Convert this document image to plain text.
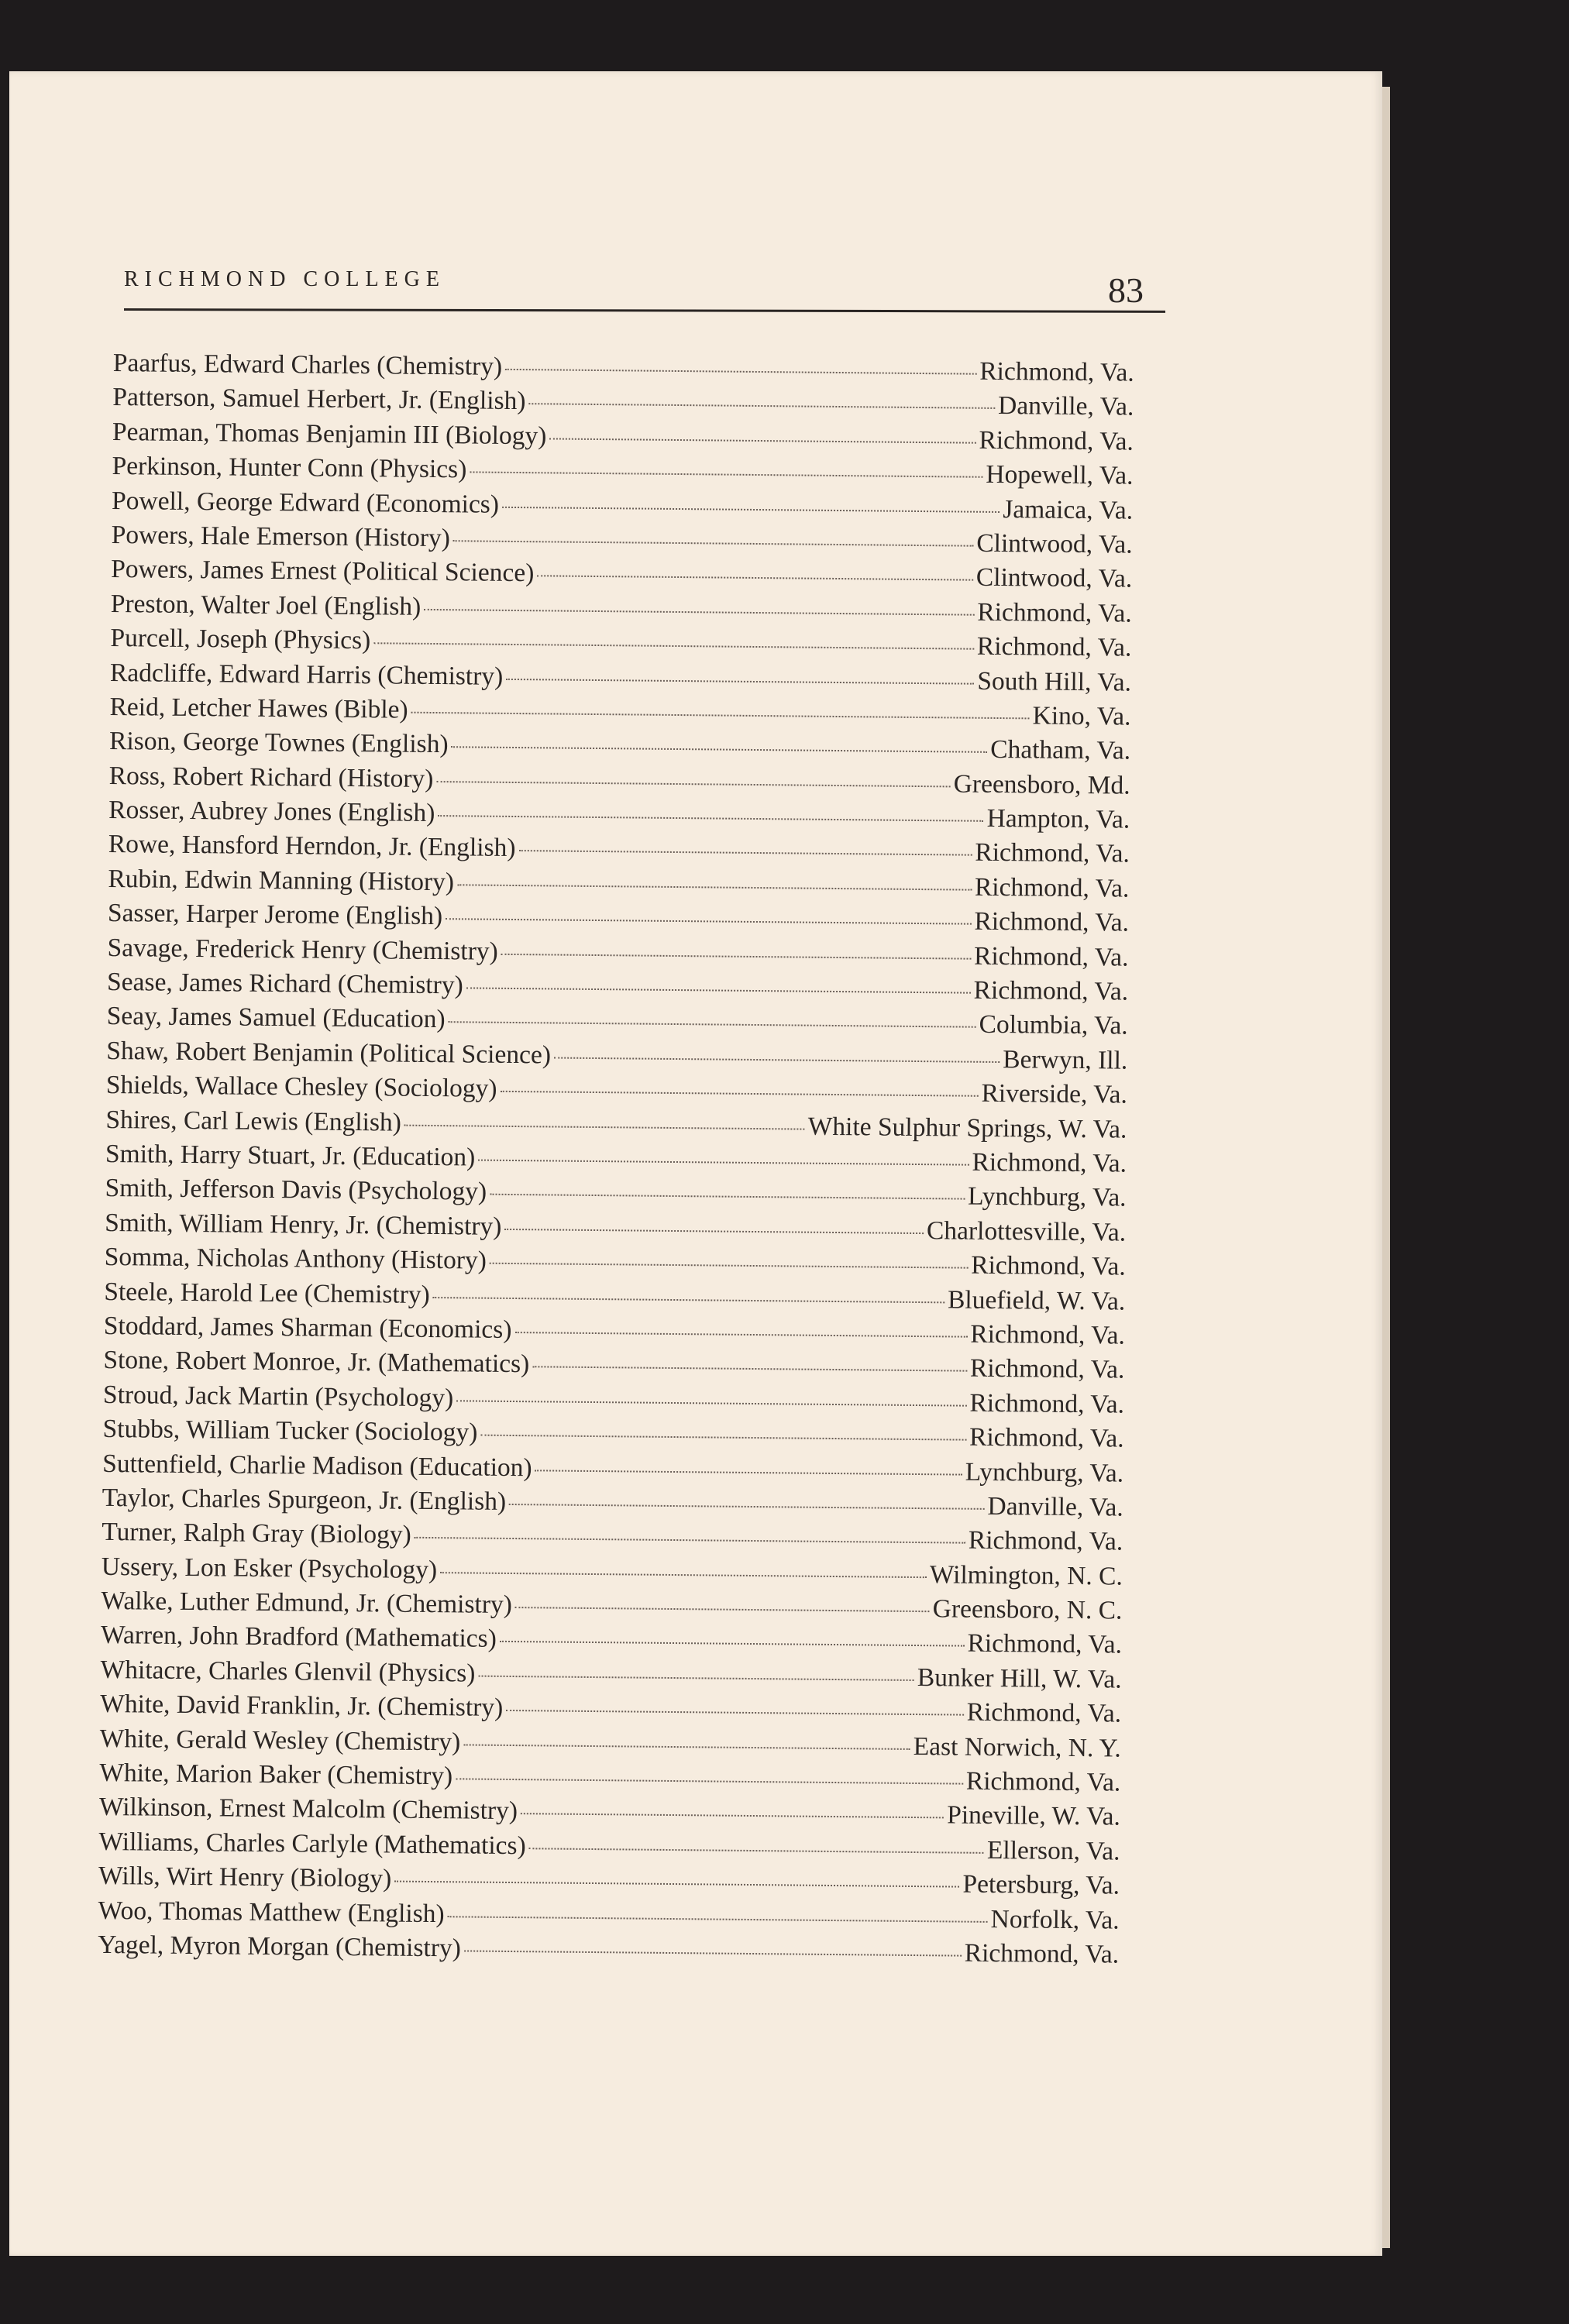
RICHMOND COLLEGE	83
Paarfus, Edward Charles (Chemistry)	Richmond, Va.
Patterson, Samuel Herbert, Jr. (English)	Danville, Va.
Pearman, Thomas Benjamin III (Biology)	Richmond, Va.
Perkinson, Hunter Conn (Physics)	Hopewell, Va.
Powell, George Edward (Economics)	Jamaica, Va.
Powers, Hale Emerson (History)	Clintwood, Va.
Powers, James Ernest (Political Science)	Clintwood, Va.
Preston, Walter Joel (English)	Richmond, Va.
Purcell, Joseph (Physics)	Richmond, Va.
Radcliffe, Edward Harris (Chemistry)	South Hill, Va.
Reid, Letcher Hawes (Bible)	Kino, Va.
Rison, George Townes (English)	Chatham, Va.
Ross, Robert Richard (History)	Greensboro, Md.
Rosser, Aubrey Jones (English)	Hampton, Va.
Rowe, Hansford Herndon, Jr. (English)	Richmond, Va.
Rubin, Edwin Manning (History)	Richmond, Va.
Sasser, Harper Jerome (English)	Richmond, Va.
Savage, Frederick Henry (Chemistry)	Richmond, Va.
Sease, James Richard (Chemistry)	Richmond, Va.
Seay, James Samuel (Education)	Columbia, Va.
Shaw, Robert Benjamin (Political Science)	Berwyn, Ill.
Shields, Wallace Chesley (Sociology)	Riverside, Va.
Shires, Carl Lewis (English)	White Sulphur Springs, W. Va.
Smith, Harry Stuart, Jr. (Education)	Richmond, Va.
Smith, Jefferson Davis (Psychology)	Lynchburg, Va.
Smith, William Henry, Jr. (Chemistry)	Charlottesville, Va.
Somma, Nicholas Anthony (History)	Richmond, Va.
Steele, Harold Lee (Chemistry)	Bluefield, W. Va.
Stoddard, James Sharman (Economics)	Richmond, Va.
Stone, Robert Monroe, Jr. (Mathematics)	Richmond, Va.
Stroud, Jack Martin (Psychology)	Richmond, Va.
Stubbs, William Tucker (Sociology)	Richmond, Va.
Suttenfield, Charlie Madison (Education)	Lynchburg, Va.
Taylor, Charles Spurgeon, Jr. (English)	Danville, Va.
Turner, Ralph Gray (Biology)	Richmond, Va.
Ussery, Lon Esker (Psychology)	Wilmington, N. C.
Walke, Luther Edmund, Jr. (Chemistry)	Greensboro, N. C.
Warren, John Bradford (Mathematics)	Richmond, Va.
Whitacre, Charles Glenvil (Physics)	Bunker Hill, W. Va.
White, David Franklin, Jr. (Chemistry)	Richmond, Va.
White, Gerald Wesley (Chemistry)	East Norwich, N. Y.
White, Marion Baker (Chemistry)	Richmond, Va.
Wilkinson, Ernest Malcolm (Chemistry)	Pineville, W. Va.
Williams, Charles Carlyle (Mathematics)	Ellerson, Va.
Wills, Wirt Henry (Biology)	Petersburg, Va.
Woo, Thomas Matthew (English)	Norfolk, Va.
Yagel, Myron Morgan (Chemistry)	Richmond, Va.
